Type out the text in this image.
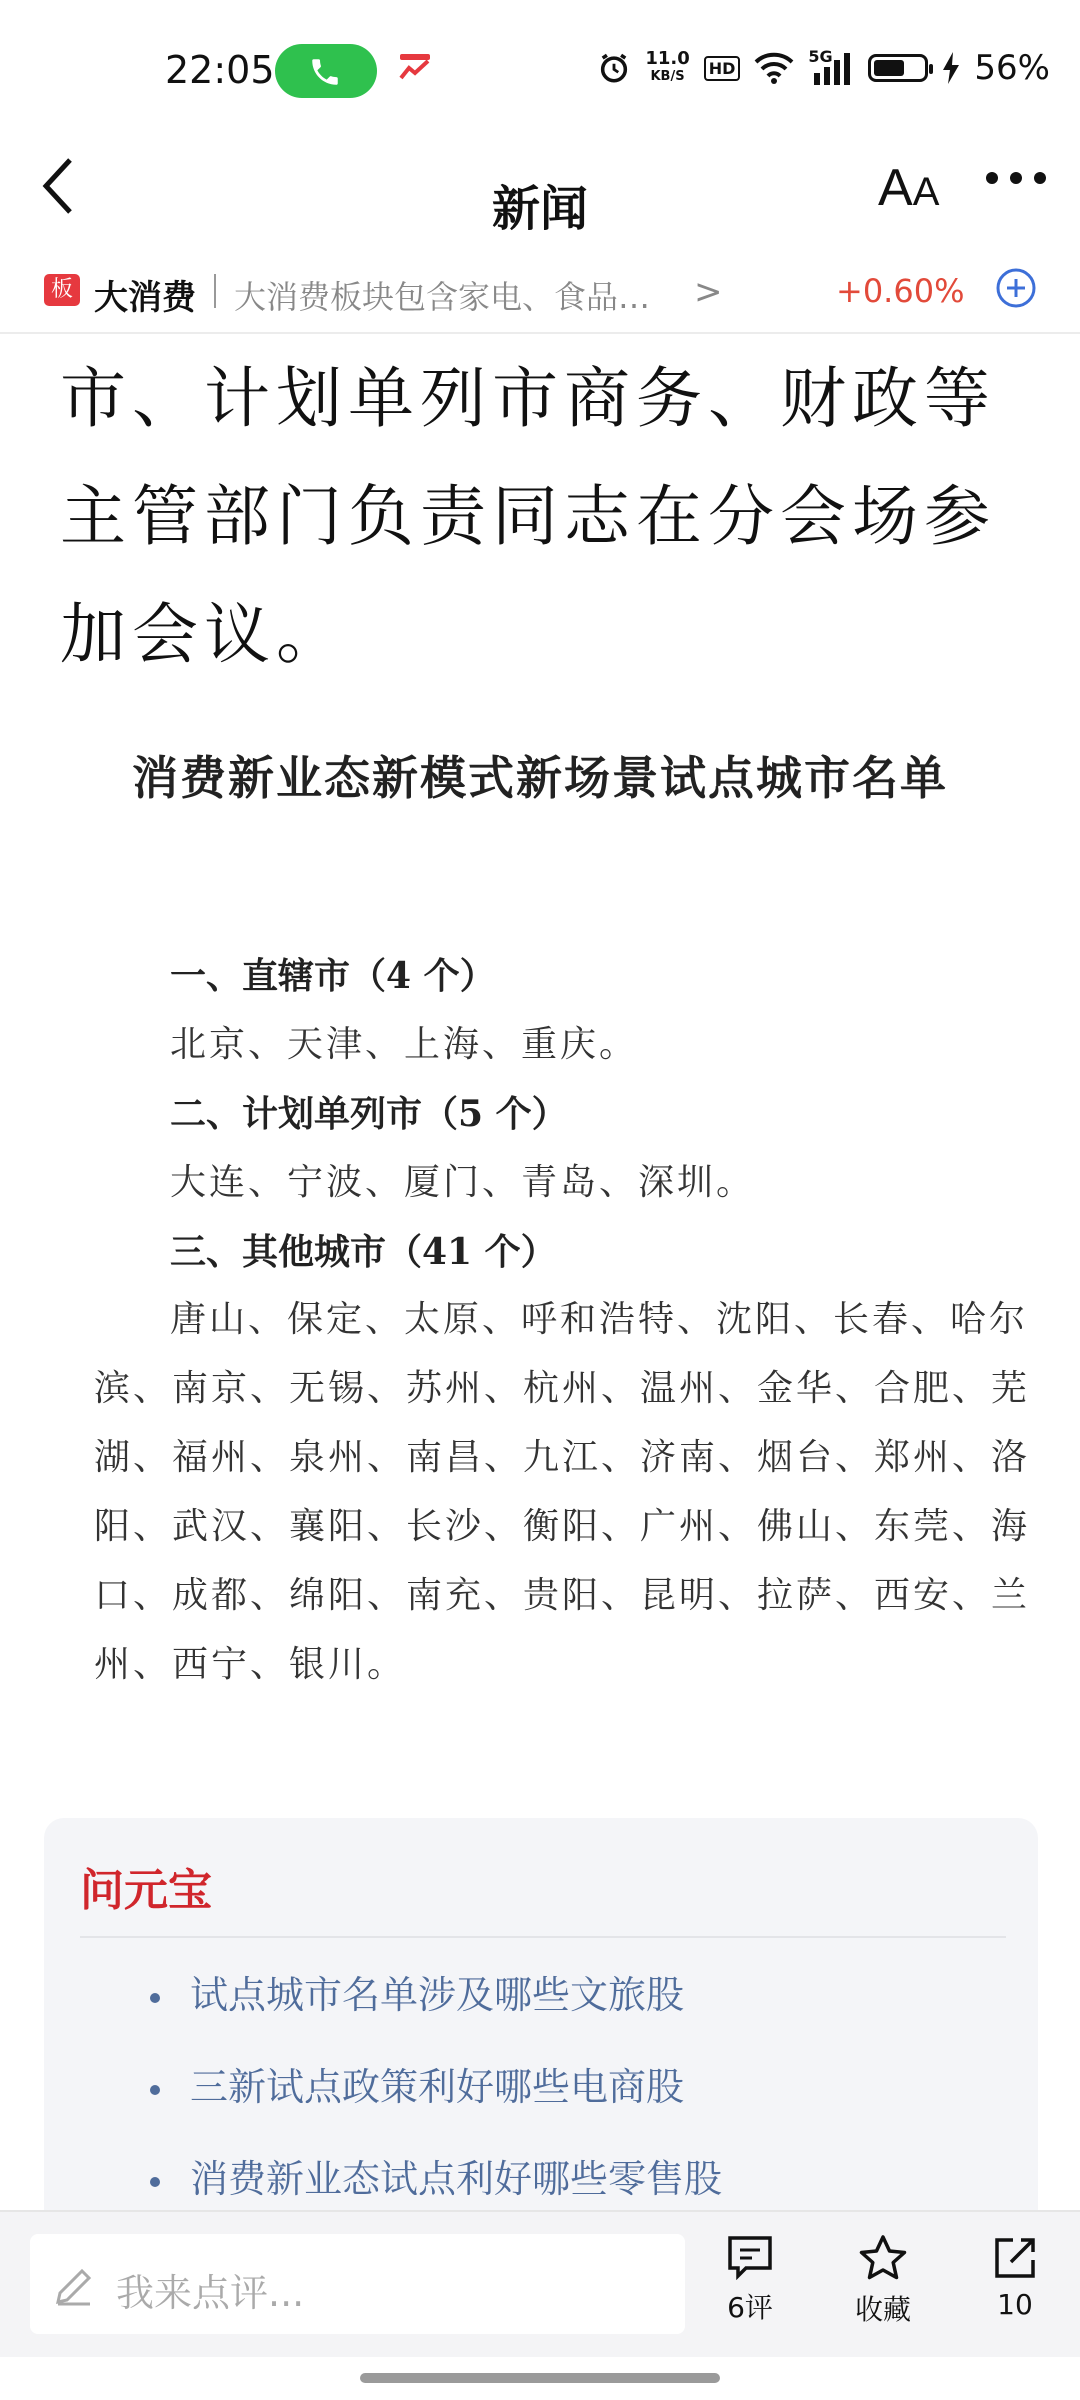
22:05	11.0
KB/S	HD
5G	56%
新闻	AA
板 大消费 大消费板块包含家电、食品…	>	+0.60%
市、计划单列市商务、财政等主管部门负责同志在分会场参加会议。
消费新业态新模式新场景试点城市名单
一、直辖市（4 个）
北京、天津、上海、重庆。
二、计划单列市（5 个）
大连、宁波、厦门、青岛、深圳。
三、其他城市（41 个）
唐山、保定、太原、呼和浩特、沈阳、长春、哈尔滨、南京、无锡、苏州、杭州、温州、金华、合肥、芜湖、福州、泉州、南昌、九江、济南、烟台、郑州、洛阳、武汉、襄阳、长沙、衡阳、广州、佛山、东莞、海口、成都、绵阳、南充、贵阳、昆明、拉萨、西安、兰州、西宁、银川。
问元宝
试点城市名单涉及哪些文旅股
三新试点政策利好哪些电商股
消费新业态试点利好哪些零售股
我来点评...	6评	收藏	10
